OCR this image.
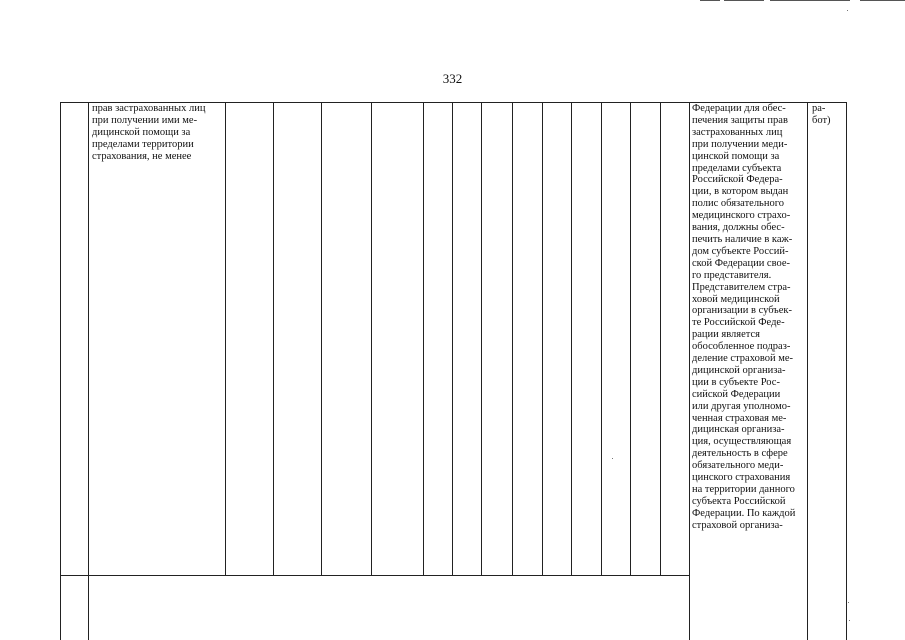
332
прав застрахованных лиц
при получении ими ме-
дицинской помощи за
пределами территории
страхования, не менее
Федерации для обес-
печения защиты прав
застрахованных лиц
при получении меди-
цинской помощи за
пределами субъекта
Российской Федера-
ции, в котором выдан
полис обязательного
медицинского страхо-
вания, должны обес-
печить наличие в каж-
дом субъекте Россий-
ской Федерации свое-
го представителя.
Представителем стра-
ховой медицинской
организации в субъек-
те Российской Феде-
рации является
обособленное подраз-
деление страховой ме-
дицинской организа-
ции в субъекте Рос-
сийской Федерации
или другая уполномо-
ченная страховая ме-
дицинская организа-
ция, осуществляющая
деятельность в сфере
обязательного меди-
цинского страхования
на территории данного
субъекта Российской
Федерации. По каждой
страховой организа-
ра-
бот)
